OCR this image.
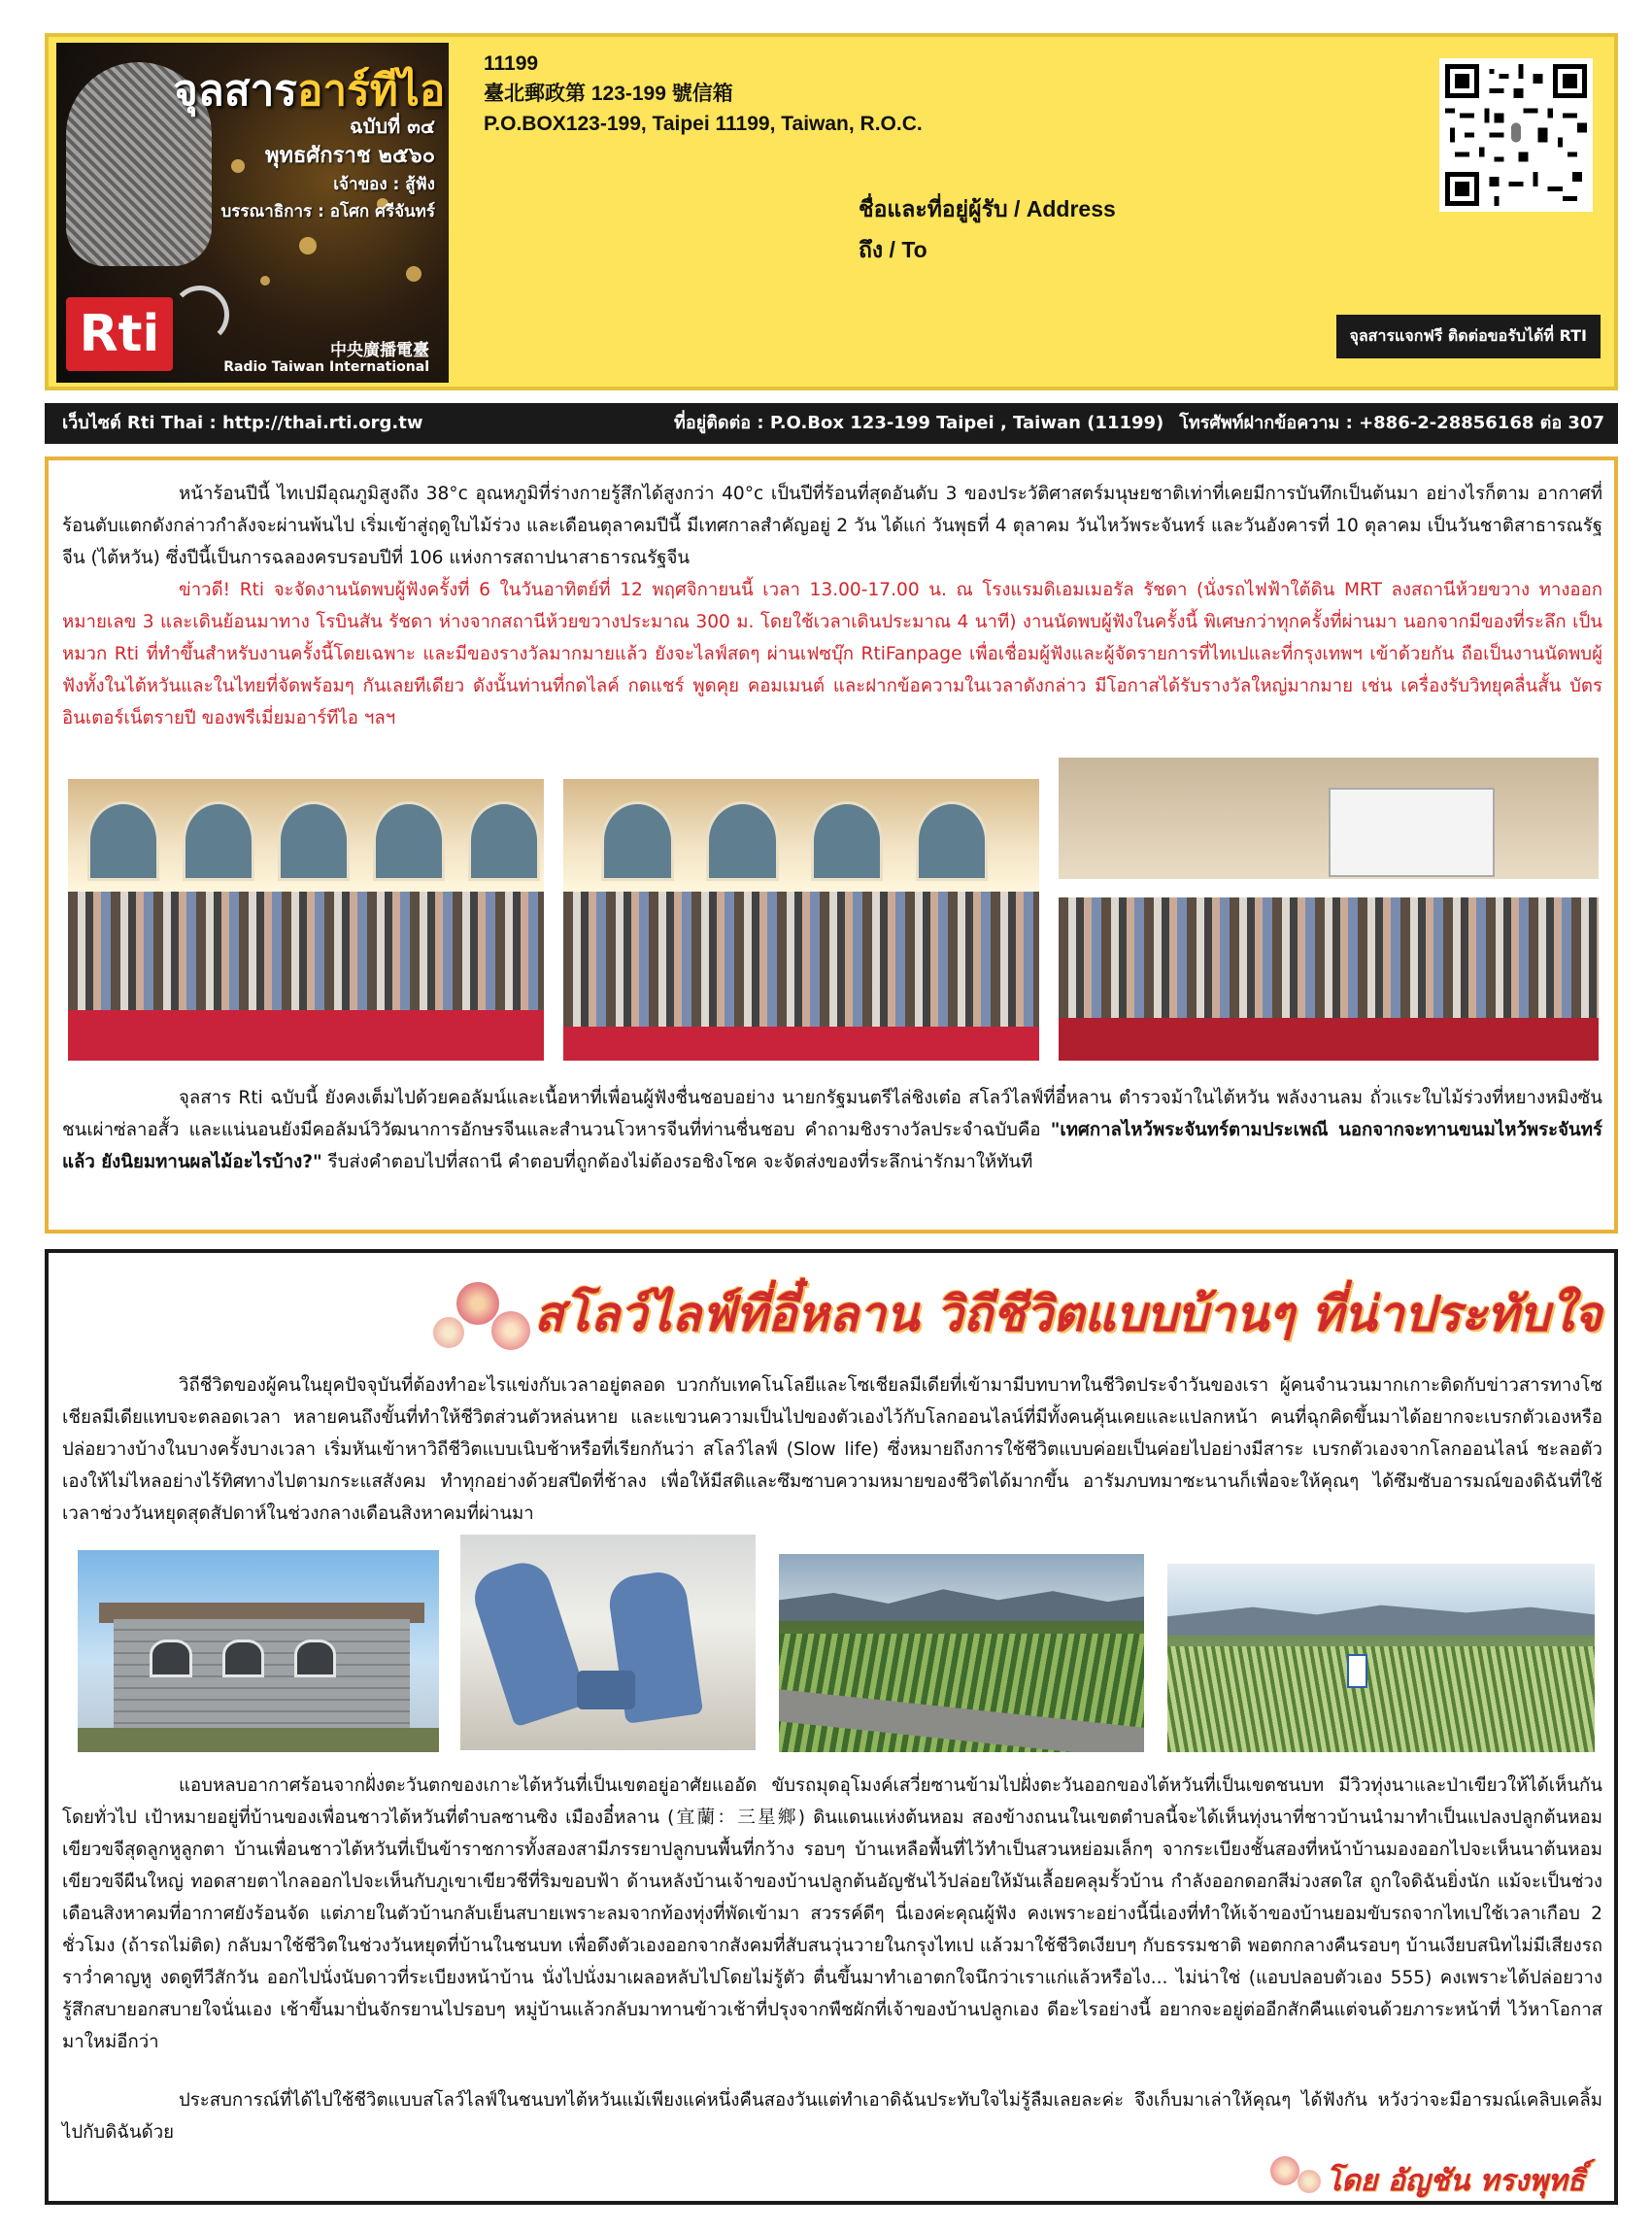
จุลสารอาร์ทีไอ
ฉบับที่ ๓๔
พุทธศักราช ๒๕๖๐
เจ้าของ : สู้ฟัง
บรรณาธิการ : อโศก ศรีจันทร์
Rti	中央廣播電臺
Radio Taiwan International
11199
臺北郵政第 123-199 號信箱
P.O.BOX123-199, Taipei 11199, Taiwan, R.O.C.
ชื่อและที่อยู่ผู้รับ / Address
ถึง / To
จุลสารแจกฟรี ติดต่อขอรับได้ที่ RTI
เว็บไซต์ Rti Thai : http://thai.rti.org.tw	ที่อยู่ติดต่อ : P.O.Box 123-199 Taipei , Taiwan (11199) โทรศัพท์ฝากข้อความ : +886-2-28856168 ต่อ 307
หน้าร้อนปีนี้ ไทเปมีอุณภูมิสูงถึง 38°c อุณหภูมิที่ร่างกายรู้สึกได้สูงกว่า 40°c เป็นปีที่ร้อนที่สุดอันดับ 3 ของประวัติศาสตร์มนุษยชาติเท่าที่เคยมีการบันทึกเป็นต้นมา อย่างไรก็ตาม อากาศที่ร้อนตับแตกดังกล่าวกำลังจะผ่านพ้นไป เริ่มเข้าสู่ฤดูใบไม้ร่วง และเดือนตุลาคมปีนี้ มีเทศกาลสำคัญอยู่ 2 วัน ได้แก่ วันพุธที่ 4 ตุลาคม วันไหว้พระจันทร์ และวันอังคารที่ 10 ตุลาคม เป็นวันชาติสาธารณรัฐจีน (ไต้หวัน) ซึ่งปีนี้เป็นการฉลองครบรอบปีที่ 106 แห่งการสถาปนาสาธารณรัฐจีน
ข่าวดี! Rti จะจัดงานนัดพบผู้ฟังครั้งที่ 6 ในวันอาทิตย์ที่ 12 พฤศจิกายนนี้ เวลา 13.00-17.00 น. ณ โรงแรมดิเอมเมอรัล รัชดา (นั่งรถไฟฟ้าใต้ดิน MRT ลงสถานีห้วยขวาง ทางออกหมายเลข 3 และเดินย้อนมาทาง โรบินสัน รัชดา ห่างจากสถานีห้วยขวางประมาณ 300 ม. โดยใช้เวลาเดินประมาณ 4 นาที) งานนัดพบผู้ฟังในครั้งนี้ พิเศษกว่าทุกครั้งที่ผ่านมา นอกจากมีของที่ระลึก เป็นหมวก Rti ที่ทำขึ้นสำหรับงานครั้งนี้โดยเฉพาะ และมีของรางวัลมากมายแล้ว ยังจะไลฟ์สดๆ ผ่านเฟซบุ๊ก RtiFanpage เพื่อเชื่อมผู้ฟังและผู้จัดรายการที่ไทเปและที่กรุงเทพฯ เข้าด้วยกัน ถือเป็นงานนัดพบผู้ฟังทั้งในไต้หวันและในไทยที่จัดพร้อมๆ กันเลยทีเดียว ดังนั้นท่านที่กดไลค์ กดแชร์ พูดคุย คอมเมนต์ และฝากข้อความในเวลาดังกล่าว มีโอกาสได้รับรางวัลใหญ่มากมาย เช่น เครื่องรับวิทยุคลื่นสั้น บัตรอินเตอร์เน็ตรายปี ของพรีเมี่ยมอาร์ทีไอ ฯลฯ
จุลสาร Rti ฉบับนี้ ยังคงเต็มไปด้วยคอลัมน์และเนื้อหาที่เพื่อนผู้ฟังชื่นชอบอย่าง นายกรัฐมนตรีไล่ชิงเต๋อ สโลว์ไลฟ์ที่อี๋หลาน ตำรวจม้าในไต้หวัน พลังงานลม ถั่วแระใบไม้ร่วงที่หยางหมิงซัน ชนเผ่าซ่ลาอสั้ว และแน่นอนยังมีคอลัมน์วิวัฒนาการอักษรจีนและสำนวนโวหารจีนที่ท่านชื่นชอบ คำถามชิงรางวัลประจำฉบับคือ "เทศกาลไหว้พระจันทร์ตามประเพณี นอกจากจะทานขนมไหว้พระจันทร์แล้ว ยังนิยมทานผลไม้อะไรบ้าง?" รีบส่งคำตอบไปที่สถานี คำตอบที่ถูกต้องไม่ต้องรอชิงโชค จะจัดส่งของที่ระลึกน่ารักมาให้ทันที
สโลว์ไลฟ์ที่อี๋หลาน วิถีชีวิตแบบบ้านๆ ที่น่าประทับใจ
วิถีชีวิตของผู้คนในยุคปัจจุบันที่ต้องทำอะไรแข่งกับเวลาอยู่ตลอด บวกกับเทคโนโลยีและโซเชียลมีเดียที่เข้ามามีบทบาทในชีวิตประจำวันของเรา ผู้คนจำนวนมากเกาะติดกับข่าวสารทางโซเชียลมีเดียแทบจะตลอดเวลา หลายคนถึงขั้นที่ทำให้ชีวิตส่วนตัวหล่นหาย และแขวนความเป็นไปของตัวเองไว้กับโลกออนไลน์ที่มีทั้งคนคุ้นเคยและแปลกหน้า คนที่ฉุกคิดขึ้นมาได้อยากจะเบรกตัวเองหรือปล่อยวางบ้างในบางครั้งบางเวลา เริ่มหันเข้าหาวิถีชีวิตแบบเนิบช้าหรือที่เรียกกันว่า สโลว์ไลฟ์ (Slow life) ซึ่งหมายถึงการใช้ชีวิตแบบค่อยเป็นค่อยไปอย่างมีสาระ เบรกตัวเองจากโลกออนไลน์ ชะลอตัวเองให้ไม่ไหลอย่างไร้ทิศทางไปตามกระแสสังคม ทำทุกอย่างด้วยสปีดที่ช้าลง เพื่อให้มีสติและซึมซาบความหมายของชีวิตได้มากขึ้น อารัมภบทมาซะนานก็เพื่อจะให้คุณๆ ได้ซึมซับอารมณ์ของดิฉันที่ใช้เวลาช่วงวันหยุดสุดสัปดาห์ในช่วงกลางเดือนสิงหาคมที่ผ่านมา
แอบหลบอากาศร้อนจากฝั่งตะวันตกของเกาะไต้หวันที่เป็นเขตอยู่อาศัยแออัด ขับรถมุดอุโมงค์เสวี่ยซานข้ามไปฝั่งตะวันออกของไต้หวันที่เป็นเขตชนบท มีวิวทุ่งนาและป่าเขียวให้ได้เห็นกันโดยทั่วไป เป้าหมายอยู่ที่บ้านของเพื่อนชาวไต้หวันที่ตำบลซานซิง เมืองอี๋หลาน (宜蘭：三星鄉) ดินแดนแห่งต้นหอม สองข้างถนนในเขตตำบลนี้จะได้เห็นทุ่งนาที่ชาวบ้านนำมาทำเป็นแปลงปลูกต้นหอมเขียวขจีสุดลูกหูลูกตา บ้านเพื่อนชาวไต้หวันที่เป็นข้าราชการทั้งสองสามีภรรยาปลูกบนพื้นที่กว้าง รอบๆ บ้านเหลือพื้นที่ไว้ทำเป็นสวนหย่อมเล็กๆ จากระเบียงชั้นสองที่หน้าบ้านมองออกไปจะเห็นนาต้นหอมเขียวขจีผืนใหญ่ ทอดสายตาไกลออกไปจะเห็นกับภูเขาเขียวชีที่ริมขอบฟ้า ด้านหลังบ้านเจ้าของบ้านปลูกต้นอัญชันไว้ปล่อยให้มันเลื้อยคลุมรั้วบ้าน กำลังออกดอกสีม่วงสดใส ถูกใจดิฉันยิ่งนัก แม้จะเป็นช่วงเดือนสิงหาคมที่อากาศยังร้อนจัด แต่ภายในตัวบ้านกลับเย็นสบายเพราะลมจากท้องทุ่งที่พัดเข้ามา สวรรค์ดีๆ นี่เองค่ะคุณผู้ฟัง คงเพราะอย่างนี้นี่เองที่ทำให้เจ้าของบ้านยอมขับรถจากไทเปใช้เวลาเกือบ 2 ชั่วโมง (ถ้ารถไม่ติด) กลับมาใช้ชีวิตในช่วงวันหยุดที่บ้านในชนบท เพื่อดึงตัวเองออกจากสังคมที่สับสนวุ่นวายในกรุงไทเป แล้วมาใช้ชีวิตเงียบๆ กับธรรมชาติ พอตกกลางคืนรอบๆ บ้านเงียบสนิทไม่มีเสียงรถราว่ำคาญหู งดดูทีวีสักวัน ออกไปนั่งนับดาวที่ระเบียงหน้าบ้าน นั่งไปนั่งมาเผลอหลับไปโดยไม่รู้ตัว ตื่นขึ้นมาทำเอาตกใจนึกว่าเราแก่แล้วหรือไง... ไม่น่าใช่ (แอบปลอบตัวเอง 555) คงเพราะได้ปล่อยวาง รู้สึกสบายอกสบายใจนั่นเอง เช้าขึ้นมาปั่นจักรยานไปรอบๆ หมู่บ้านแล้วกลับมาทานข้าวเช้าที่ปรุงจากพืชผักที่เจ้าของบ้านปลูกเอง ดีอะไรอย่างนี้ อยากจะอยู่ต่ออีกสักคืนแต่จนด้วยภาระหน้าที่ ไว้หาโอกาสมาใหม่อีกว่า
ประสบการณ์ที่ได้ไปใช้ชีวิตแบบสโลว์ไลฟ์ในชนบทไต้หวันแม้เพียงแค่หนึ่งคืนสองวันแต่ทำเอาดิฉันประทับใจไม่รู้ลืมเลยละค่ะ จึงเก็บมาเล่าให้คุณๆ ได้ฟังกัน หวังว่าจะมีอารมณ์เคลิบเคลิ้มไปกับดิฉันด้วย
โดย อัญชัน ทรงพุทธิ์
